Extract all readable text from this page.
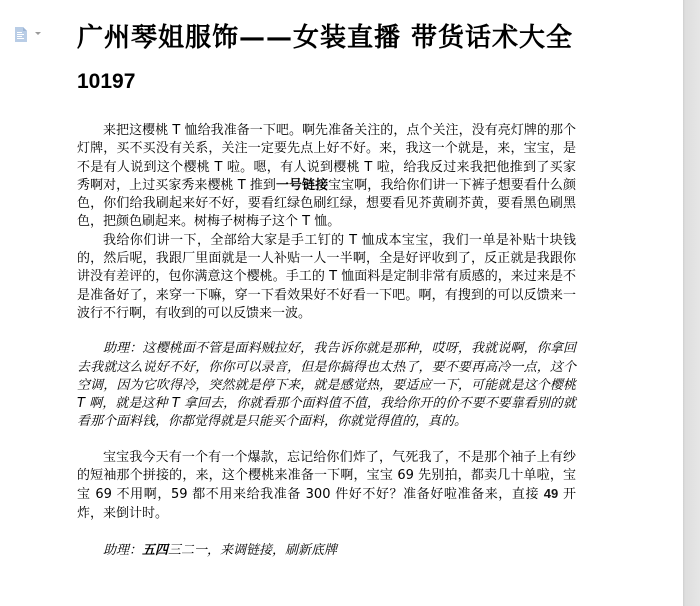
广州琴姐服饰——女装直播 带货话术大全
10197

来把这樱桃 T 恤给我准备一下吧。啊先准备关注的，点个关注，没有亮灯牌的那个灯牌，买不买没有关系，关注一定要先点上好不好。来，我这一个就是，来，宝宝，是不是有人说到这个樱桃 T 啦。嗯，有人说到樱桃 T 啦，给我反过来我把他推到了买家秀啊对，上过买家秀来樱桃 T 推到一号链接宝宝啊，我给你们讲一下裤子想要看什么颜色，你们给我刷起来好不好，要看红绿色刷红绿，想要看见芥黄刷芥黄，要看黑色刷黑色，把颜色刷起来。树梅子树梅子这个 T 恤。

我给你们讲一下，全部给大家是手工钉的 T 恤成本宝宝，我们一单是补贴十块钱的，然后呢，我跟厂里面就是一人补贴一人一半啊，全是好评收到了，反正就是我跟你讲没有差评的，包你满意这个樱桃。手工的 T 恤面料是定制非常有质感的，来过来是不是准备好了，来穿一下嘛，穿一下看效果好不好看一下吧。啊，有搜到的可以反馈来一波行不行啊，有收到的可以反馈来一波。

助理：这樱桃面不管是面料贼拉好，我告诉你就是那种，哎呀，我就说啊，你拿回去我就这么说好不好，你你可以录音，但是你搞得也太热了，要不要再高冷一点，这个空调，因为它吹得冷，突然就是停下来，就是感觉热，要适应一下，可能就是这个樱桃 T 啊，就是这种 T 拿回去，你就看那个面料值不值，我给你开的价不要不要靠看别的就看那个面料钱，你都觉得就是只能买个面料，你就觉得值的，真的。

宝宝我今天有一个有一个爆款，忘记给你们炸了，气死我了，不是那个袖子上有纱的短袖那个拼接的，来，这个樱桃来准备一下啊，宝宝 69 先别拍，都卖几十单啦，宝宝 69 不用啊，59 都不用来给我准备 300 件好不好？准备好啦准备来，直接 49 开炸，来倒计时。

助理：五四三二一，来调链接，刷新底牌
